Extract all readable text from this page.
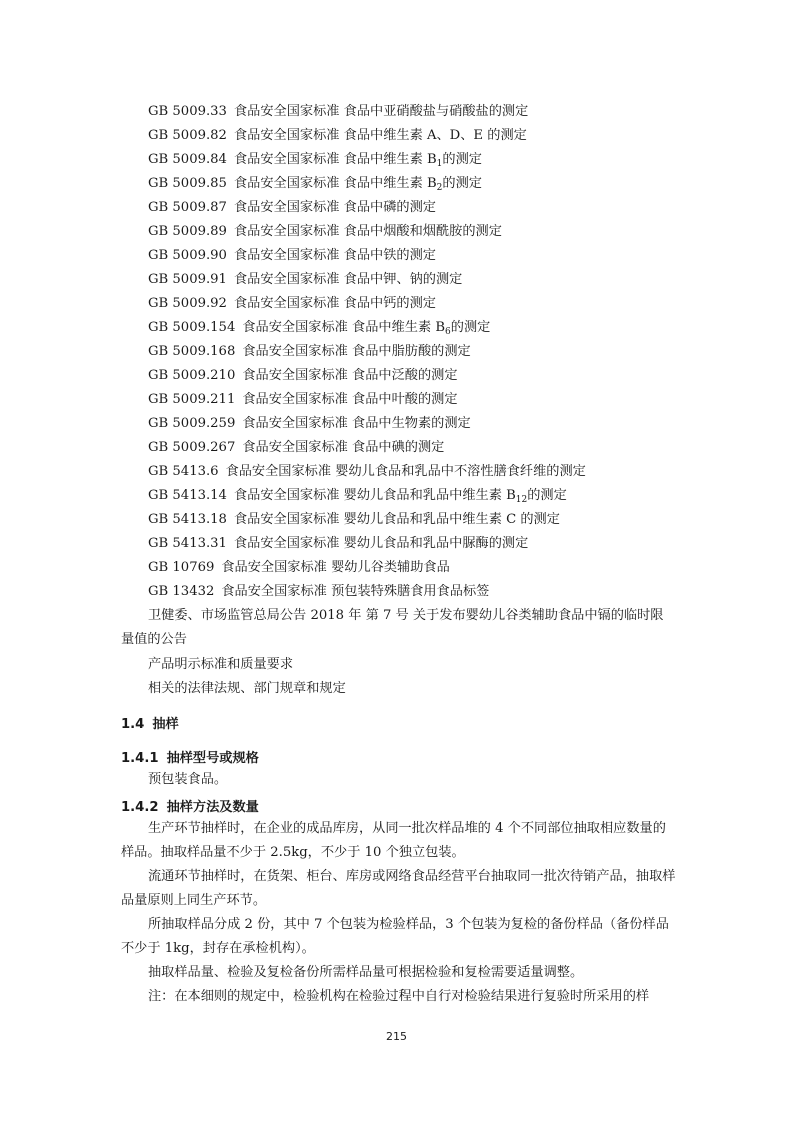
GB 5009.33 食品安全国家标准 食品中亚硝酸盐与硝酸盐的测定
GB 5009.82 食品安全国家标准 食品中维生素 A、D、E 的测定
GB 5009.84 食品安全国家标准 食品中维生素 $B_1$的测定
GB 5009.85 食品安全国家标准 食品中维生素 $B_2$的测定
GB 5009.87 食品安全国家标准 食品中磷的测定
GB 5009.89 食品安全国家标准 食品中烟酸和烟酰胺的测定
GB 5009.90 食品安全国家标准 食品中铁的测定
GB 5009.91 食品安全国家标准 食品中钾、钠的测定
GB 5009.92 食品安全国家标准 食品中钙的测定
GB 5009.154 食品安全国家标准 食品中维生素 $B_6$的测定
GB 5009.168 食品安全国家标准 食品中脂肪酸的测定
GB 5009.210 食品安全国家标准 食品中泛酸的测定
GB 5009.211 食品安全国家标准 食品中叶酸的测定
GB 5009.259 食品安全国家标准 食品中生物素的测定
GB 5009.267 食品安全国家标准 食品中碘的测定
GB 5413.6 食品安全国家标准 婴幼儿食品和乳品中不溶性膳食纤维的测定
GB 5413.14 食品安全国家标准 婴幼儿食品和乳品中维生素 $B_{12}$的测定
GB 5413.18 食品安全国家标准 婴幼儿食品和乳品中维生素 C 的测定
GB 5413.31 食品安全国家标准 婴幼儿食品和乳品中脲酶的测定
GB 10769 食品安全国家标准 婴幼儿谷类辅助食品
GB 13432 食品安全国家标准 预包装特殊膳食用食品标签
卫健委、市场监管总局公告 2018 年 第 7 号 关于发布婴幼儿谷类辅助食品中镉的临时限量值的公告
产品明示标准和质量要求
相关的法律法规、部门规章和规定
1.4 抽样
1.4.1 抽样型号或规格
预包装食品。
1.4.2 抽样方法及数量
生产环节抽样时，在企业的成品库房，从同一批次样品堆的 4 个不同部位抽取相应数量的样品。抽取样品量不少于 2.5kg，不少于 10 个独立包装。
流通环节抽样时，在货架、柜台、库房或网络食品经营平台抽取同一批次待销产品，抽取样品量原则上同生产环节。
所抽取样品分成 2 份，其中 7 个包装为检验样品，3 个包装为复检的备份样品（备份样品不少于 1kg，封存在承检机构）。
抽取样品量、检验及复检备份所需样品量可根据检验和复检需要适量调整。
注：在本细则的规定中，检验机构在检验过程中自行对检验结果进行复验时所采用的样
215
